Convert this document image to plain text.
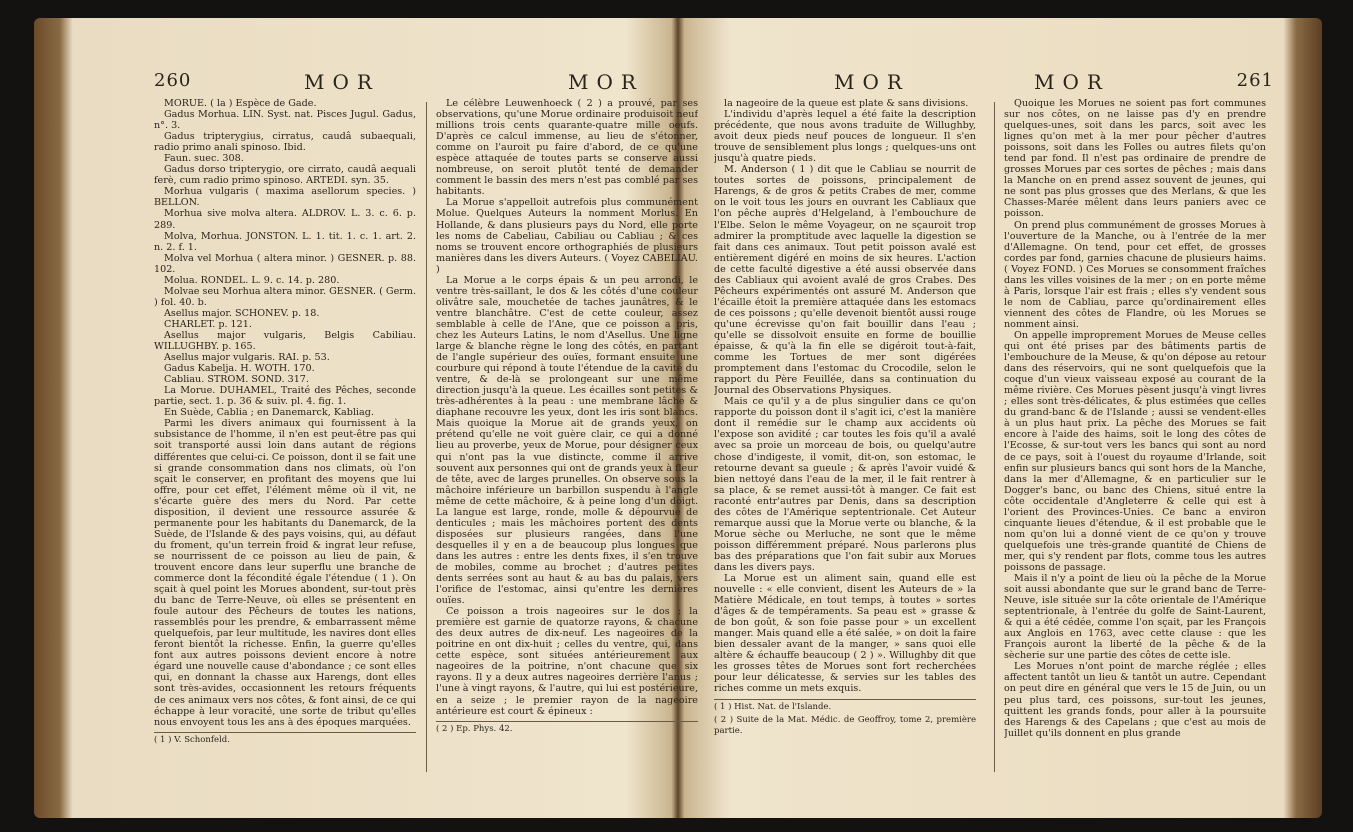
260	MOR	MOR

MORUE. ( la ) Espèce de Gade.

Gadus Morhua. LIN. Syst. nat. Pisces Jugul. Gadus, n°. 3.

Gadus tripterygius, cirratus, caudâ subaequali, radio primo anali spinoso. Ibid.

Faun. suec. 308.

Gadus dorso tripterygio, ore cirrato, caudâ aequali ferè, cum radio primo spinoso. ARTEDI. syn. 35.

Morhua vulgaris ( maxima asellorum species. ) BELLON.

Morhua sive molva altera. ALDROV. L. 3. c. 6. p. 289.

Molva, Morhua. JONSTON. L. 1. tit. 1. c. 1. art. 2. n. 2. f. 1.

Molva vel Morhua ( altera minor. ) GESNER. p. 88. 102.

Molua. RONDEL. L. 9. c. 14. p. 280.

Molvae seu Morhua altera minor. GESNER. ( Germ. ) fol. 40. b.

Asellus major. SCHONEV. p. 18.

CHARLET. p. 121.

Asellus major vulgaris, Belgis Cabiliau. WILLUGHBY. p. 165.

Asellus major vulgaris. RAI. p. 53.

Gadus Kabelja. H. WOTH. 170.

Cabliau. STROM. SOND. 317.

La Morue. DUHAMEL, Traité des Pêches, seconde partie, sect. 1. p. 36 & suiv. pl. 4. fig. 1.

En Suède, Cablia ; en Danemarck, Kabliag.

Parmi les divers animaux qui fournissent à la subsistance de l'homme, il n'en est peut-être pas qui soit transporté aussi loin dans autant de régions différentes que celui-ci. Ce poisson, dont il se fait une si grande consommation dans nos climats, où l'on sçait le conserver, en profitant des moyens que lui offre, pour cet effet, l'élément même où il vit, ne s'écarte guère des mers du Nord. Par cette disposition, il devient une ressource assurée & permanente pour les habitants du Danemarck, de la Suède, de l'Islande & des pays voisins, qui, au défaut du froment, qu'un terrein froid & ingrat leur refuse, se nourrissent de ce poisson au lieu de pain, & trouvent encore dans leur superflu une branche de commerce dont la fécondité égale l'étendue ( 1 ). On sçait à quel point les Morues abondent, sur-tout près du banc de Terre-Neuve, où elles se présentent en foule autour des Pêcheurs de toutes les nations, rassemblés pour les prendre, & embarrassent même quelquefois, par leur multitude, les navires dont elles feront bientôt la richesse. Enfin, la guerre qu'elles font aux autres poissons devient encore à notre égard une nouvelle cause d'abondance ; ce sont elles qui, en donnant la chasse aux Harengs, dont elles sont très-avides, occasionnent les retours fréquents de ces animaux vers nos côtes, & font ainsi, de ce qui échappe à leur voracité, une sorte de tribut qu'elles nous envoyent tous les ans à des époques marquées.

( 1 ) V. Schonfeld.

Le célèbre Leuwenhoeck ( 2 ) a prouvé, par ses observations, qu'une Morue ordinaire produisoit neuf millions trois cents quarante-quatre mille oeufs. D'après ce calcul immense, au lieu de s'étonner, comme on l'auroit pu faire d'abord, de ce qu'une espèce attaquée de toutes parts se conserve aussi nombreuse, on seroit plutôt tenté de demander comment le bassin des mers n'est pas comblé par ses habitants.

La Morue s'appelloit autrefois plus communément Molue. Quelques Auteurs la nomment Morlus. En Hollande, & dans plusieurs pays du Nord, elle porte les noms de Cabeliau, Cabiliau ou Cabliau ; & ces noms se trouvent encore orthographiés de plusieurs manières dans les divers Auteurs. ( Voyez CABELIAU. )

La Morue a le corps épais & un peu arrondi, le ventre très-saillant, le dos & les côtés d'une couleur olivâtre sale, mouchetée de taches jaunâtres, & le ventre blanchâtre. C'est de cette couleur, assez semblable à celle de l'Ane, que ce poisson a pris, chez les Auteurs Latins, le nom d'Asellus. Une ligne large & blanche règne le long des côtés, en partant de l'angle supérieur des ouïes, formant ensuite une courbure qui répond à toute l'étendue de la cavité du ventre, & de-là se prolongeant sur une même direction jusqu'à la queue. Les écailles sont petites & très-adhérentes à la peau : une membrane lâche & diaphane recouvre les yeux, dont les iris sont blancs. Mais quoique la Morue ait de grands yeux, on prétend qu'elle ne voit guère clair, ce qui a donné lieu au proverbe, yeux de Morue, pour désigner ceux qui n'ont pas la vue distincte, comme il arrive souvent aux personnes qui ont de grands yeux à fleur de tête, avec de larges prunelles. On observe sous la mâchoire inférieure un barbillon suspendu à l'angle même de cette mâchoire, & à peine long d'un doigt. La langue est large, ronde, molle & dépourvue de denticules ; mais les mâchoires portent des dents disposées sur plusieurs rangées, dans l'une desquelles il y en a de beaucoup plus longues que dans les autres : entre les dents fixes, il s'en trouve de mobiles, comme au brochet ; d'autres petites dents serrées sont au haut & au bas du palais, vers l'orifice de l'estomac, ainsi qu'entre les dernières ouïes.

Ce poisson a trois nageoires sur le dos ; la première est garnie de quatorze rayons, & chacune des deux autres de dix-neuf. Les nageoires de la poitrine en ont dix-huit ; celles du ventre, qui, dans cette espèce, sont situées antérieurement aux nageoires de la poitrine, n'ont chacune que six rayons. Il y a deux autres nageoires derrière l'anus ; l'une à vingt rayons, & l'autre, qui lui est postérieure, en a seize ; le premier rayon de la nageoire antérieure est court & épineux :

( 2 ) Ep. Phys. 42.
MOR	MOR	261

la nageoire de la queue est plate & sans divisions.

L'individu d'après lequel a été faite la description précédente, que nous avons traduite de Willughby, avoit deux pieds neuf pouces de longueur. Il s'en trouve de sensiblement plus longs ; quelques-uns ont jusqu'à quatre pieds.

M. Anderson ( 1 ) dit que le Cabliau se nourrit de toutes sortes de poissons, principalement de Harengs, & de gros & petits Crabes de mer, comme on le voit tous les jours en ouvrant les Cabliaux que l'on pêche auprès d'Helgeland, à l'embouchure de l'Elbe. Selon le même Voyageur, on ne sçauroit trop admirer la promptitude avec laquelle la digestion se fait dans ces animaux. Tout petit poisson avalé est entièrement digéré en moins de six heures. L'action de cette faculté digestive a été aussi observée dans des Cabliaux qui avoient avalé de gros Crabes. Des Pêcheurs expérimentés ont assuré M. Anderson que l'écaille étoit la première attaquée dans les estomacs de ces poissons ; qu'elle devenoit bientôt aussi rouge qu'une écrevisse qu'on fait bouillir dans l'eau ; qu'elle se dissolvoit ensuite en forme de bouillie épaisse, & qu'à la fin elle se digéroit tout-à-fait, comme les Tortues de mer sont digérées promptement dans l'estomac du Crocodile, selon le rapport du Père Feuillée, dans sa continuation du Journal des Observations Physiques.

Mais ce qu'il y a de plus singulier dans ce qu'on rapporte du poisson dont il s'agit ici, c'est la manière dont il remédie sur le champ aux accidents où l'expose son avidité ; car toutes les fois qu'il a avalé avec sa proie un morceau de bois, ou quelqu'autre chose d'indigeste, il vomit, dit-on, son estomac, le retourne devant sa gueule ; & après l'avoir vuidé & bien nettoyé dans l'eau de la mer, il le fait rentrer à sa place, & se remet aussi-tôt à manger. Ce fait est raconté entr'autres par Denis, dans sa description des côtes de l'Amérique septentrionale. Cet Auteur remarque aussi que la Morue verte ou blanche, & la Morue sèche ou Merluche, ne sont que le même poisson différemment préparé. Nous parlerons plus bas des préparations que l'on fait subir aux Morues dans les divers pays.

La Morue est un aliment sain, quand elle est nouvelle : « elle convient, disent les Auteurs de » la Matière Médicale, en tout temps, à toutes » sortes d'âges & de tempéraments. Sa peau est » grasse & de bon goût, & son foie passe pour » un excellent manger. Mais quand elle a été salée, » on doit la faire bien dessaler avant de la manger, » sans quoi elle altère & échauffe beaucoup ( 2 ) ». Willughby dit que les grosses têtes de Morues sont fort recherchées pour leur délicatesse, & servies sur les tables des riches comme un mets exquis.

( 1 ) Hist. Nat. de l'Islande.
( 2 ) Suite de la Mat. Médic. de Geoffroy, tome 2, première partie.

Quoique les Morues ne soient pas fort communes sur nos côtes, on ne laisse pas d'y en prendre quelques-unes, soit dans les parcs, soit avec les lignes qu'on met à la mer pour pêcher d'autres poissons, soit dans les Folles ou autres filets qu'on tend par fond. Il n'est pas ordinaire de prendre de grosses Morues par ces sortes de pêches ; mais dans la Manche on en prend assez souvent de jeunes, qui ne sont pas plus grosses que des Merlans, & que les Chasses-Marée mêlent dans leurs paniers avec ce poisson.

On prend plus communément de grosses Morues à l'ouverture de la Manche, ou à l'entrée de la mer d'Allemagne. On tend, pour cet effet, de grosses cordes par fond, garnies chacune de plusieurs haims. ( Voyez FOND. ) Ces Morues se consomment fraîches dans les villes voisines de la mer ; on en porte même à Paris, lorsque l'air est frais ; elles s'y vendent sous le nom de Cabliau, parce qu'ordinairement elles viennent des côtes de Flandre, où les Morues se nomment ainsi.

On appelle improprement Morues de Meuse celles qui ont été prises par des bâtiments partis de l'embouchure de la Meuse, & qu'on dépose au retour dans des réservoirs, qui ne sont quelquefois que la coque d'un vieux vaisseau exposé au courant de la même rivière. Ces Morues pèsent jusqu'à vingt livres ; elles sont très-délicates, & plus estimées que celles du grand-banc & de l'Islande ; aussi se vendent-elles à un plus haut prix. La pêche des Morues se fait encore à l'aide des haims, soit le long des côtes de l'Ecosse, & sur-tout vers les bancs qui sont au nord de ce pays, soit à l'ouest du royaume d'Irlande, soit enfin sur plusieurs bancs qui sont hors de la Manche, dans la mer d'Allemagne, & en particulier sur le Dogger's banc, ou banc des Chiens, situé entre la côte occidentale d'Angleterre & celle qui est à l'orient des Provinces-Unies. Ce banc a environ cinquante lieues d'étendue, & il est probable que le nom qu'on lui a donné vient de ce qu'on y trouve quelquefois une très-grande quantité de Chiens de mer, qui s'y rendent par flots, comme tous les autres poissons de passage.

Mais il n'y a point de lieu où la pêche de la Morue soit aussi abondante que sur le grand banc de Terre-Neuve, isle située sur la côte orientale de l'Amérique septentrionale, à l'entrée du golfe de Saint-Laurent, & qui a été cédée, comme l'on sçait, par les François aux Anglois en 1763, avec cette clause : que les François auront la liberté de la pêche & de la sècherie sur une partie des côtes de cette isle.

Les Morues n'ont point de marche réglée ; elles affectent tantôt un lieu & tantôt un autre. Cependant on peut dire en général que vers le 15 de Juin, ou un peu plus tard, ces poissons, sur-tout les jeunes, quittent les grands fonds, pour aller à la poursuite des Harengs & des Capelans ; que c'est au mois de Juillet qu'ils donnent en plus grande
